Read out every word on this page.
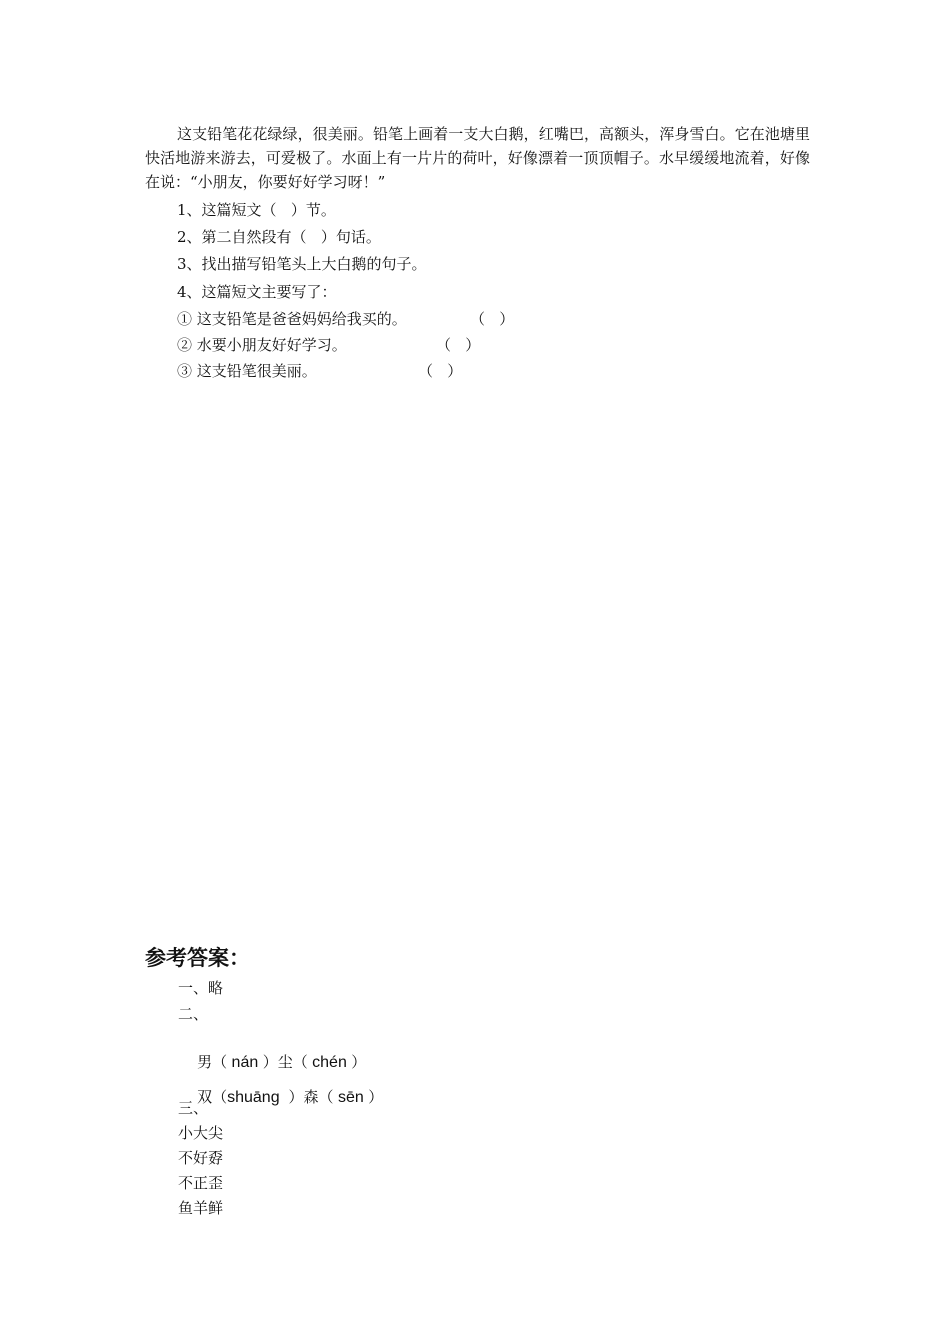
这支铅笔花花绿绿，很美丽。铅笔上画着一支大白鹅，红嘴巴，高额头，浑身雪白。它在池塘里快活地游来游去，可爱极了。水面上有一片片的荷叶，好像漂着一顶顶帽子。水早缓缓地流着，好像在说：“小朋友，你要好好学习呀！”

1、这篇短文（   ）节。
2、第二自然段有（   ）句话。
3、找出描写铅笔头上大白鹅的句子。
4、这篇短文主要写了：
① 这支铅笔是爸爸妈妈给我买的。	（   ）
② 水要小朋友好好学习。	（   ）
③ 这支铅笔很美丽。	（   ）
参考答案：
一、略
二、

男（ nán ）尘（ chén ）

双（shuāng  ）森（ sēn ）

三、
小大尖
不好孬
不正歪
鱼羊鲜
